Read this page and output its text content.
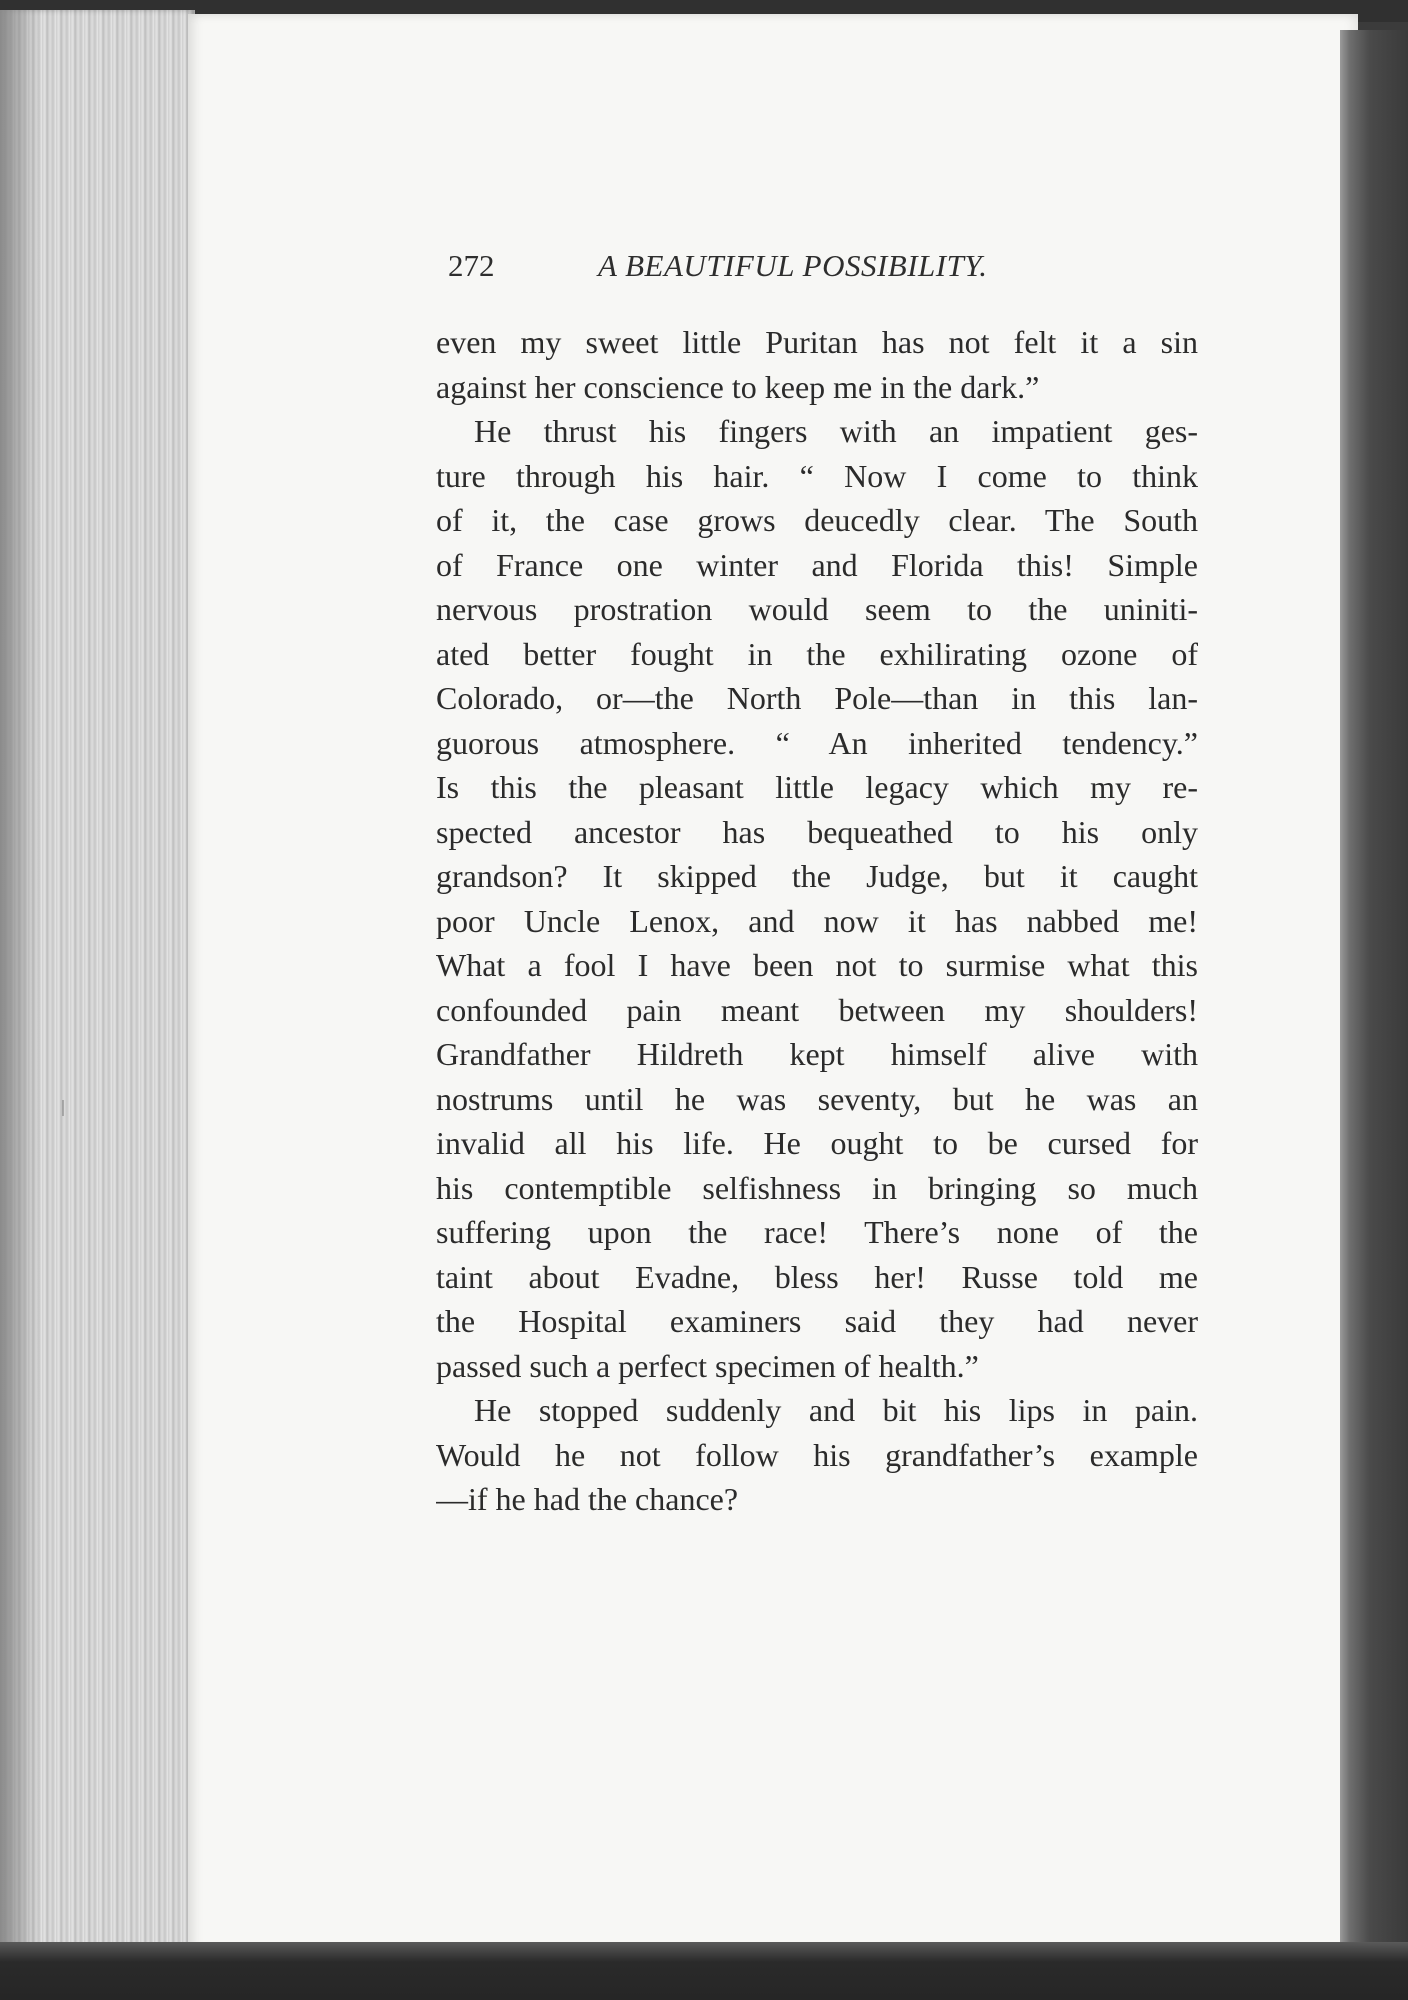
272	A BEAUTIFUL POSSIBILITY.
even my sweet little Puritan has not felt it a sin
against her conscience to keep me in the dark.”
He thrust his fingers with an impatient ges-
ture through his hair. “ Now I come to think
of it, the case grows deucedly clear. The South
of France one winter and Florida this! Simple
nervous prostration would seem to the uniniti-
ated better fought in the exhilirating ozone of
Colorado, or—the North Pole—than in this lan-
guorous atmosphere. “ An inherited tendency.”
Is this the pleasant little legacy which my re-
spected ancestor has bequeathed to his only
grandson? It skipped the Judge, but it caught
poor Uncle Lenox, and now it has nabbed me!
What a fool I have been not to surmise what this
confounded pain meant between my shoulders!
Grandfather Hildreth kept himself alive with
nostrums until he was seventy, but he was an
invalid all his life. He ought to be cursed for
his contemptible selfishness in bringing so much
suffering upon the race! There’s none of the
taint about Evadne, bless her! Russe told me
the Hospital examiners said they had never
passed such a perfect specimen of health.”
He stopped suddenly and bit his lips in pain.
Would he not follow his grandfather’s example
—if he had the chance?
